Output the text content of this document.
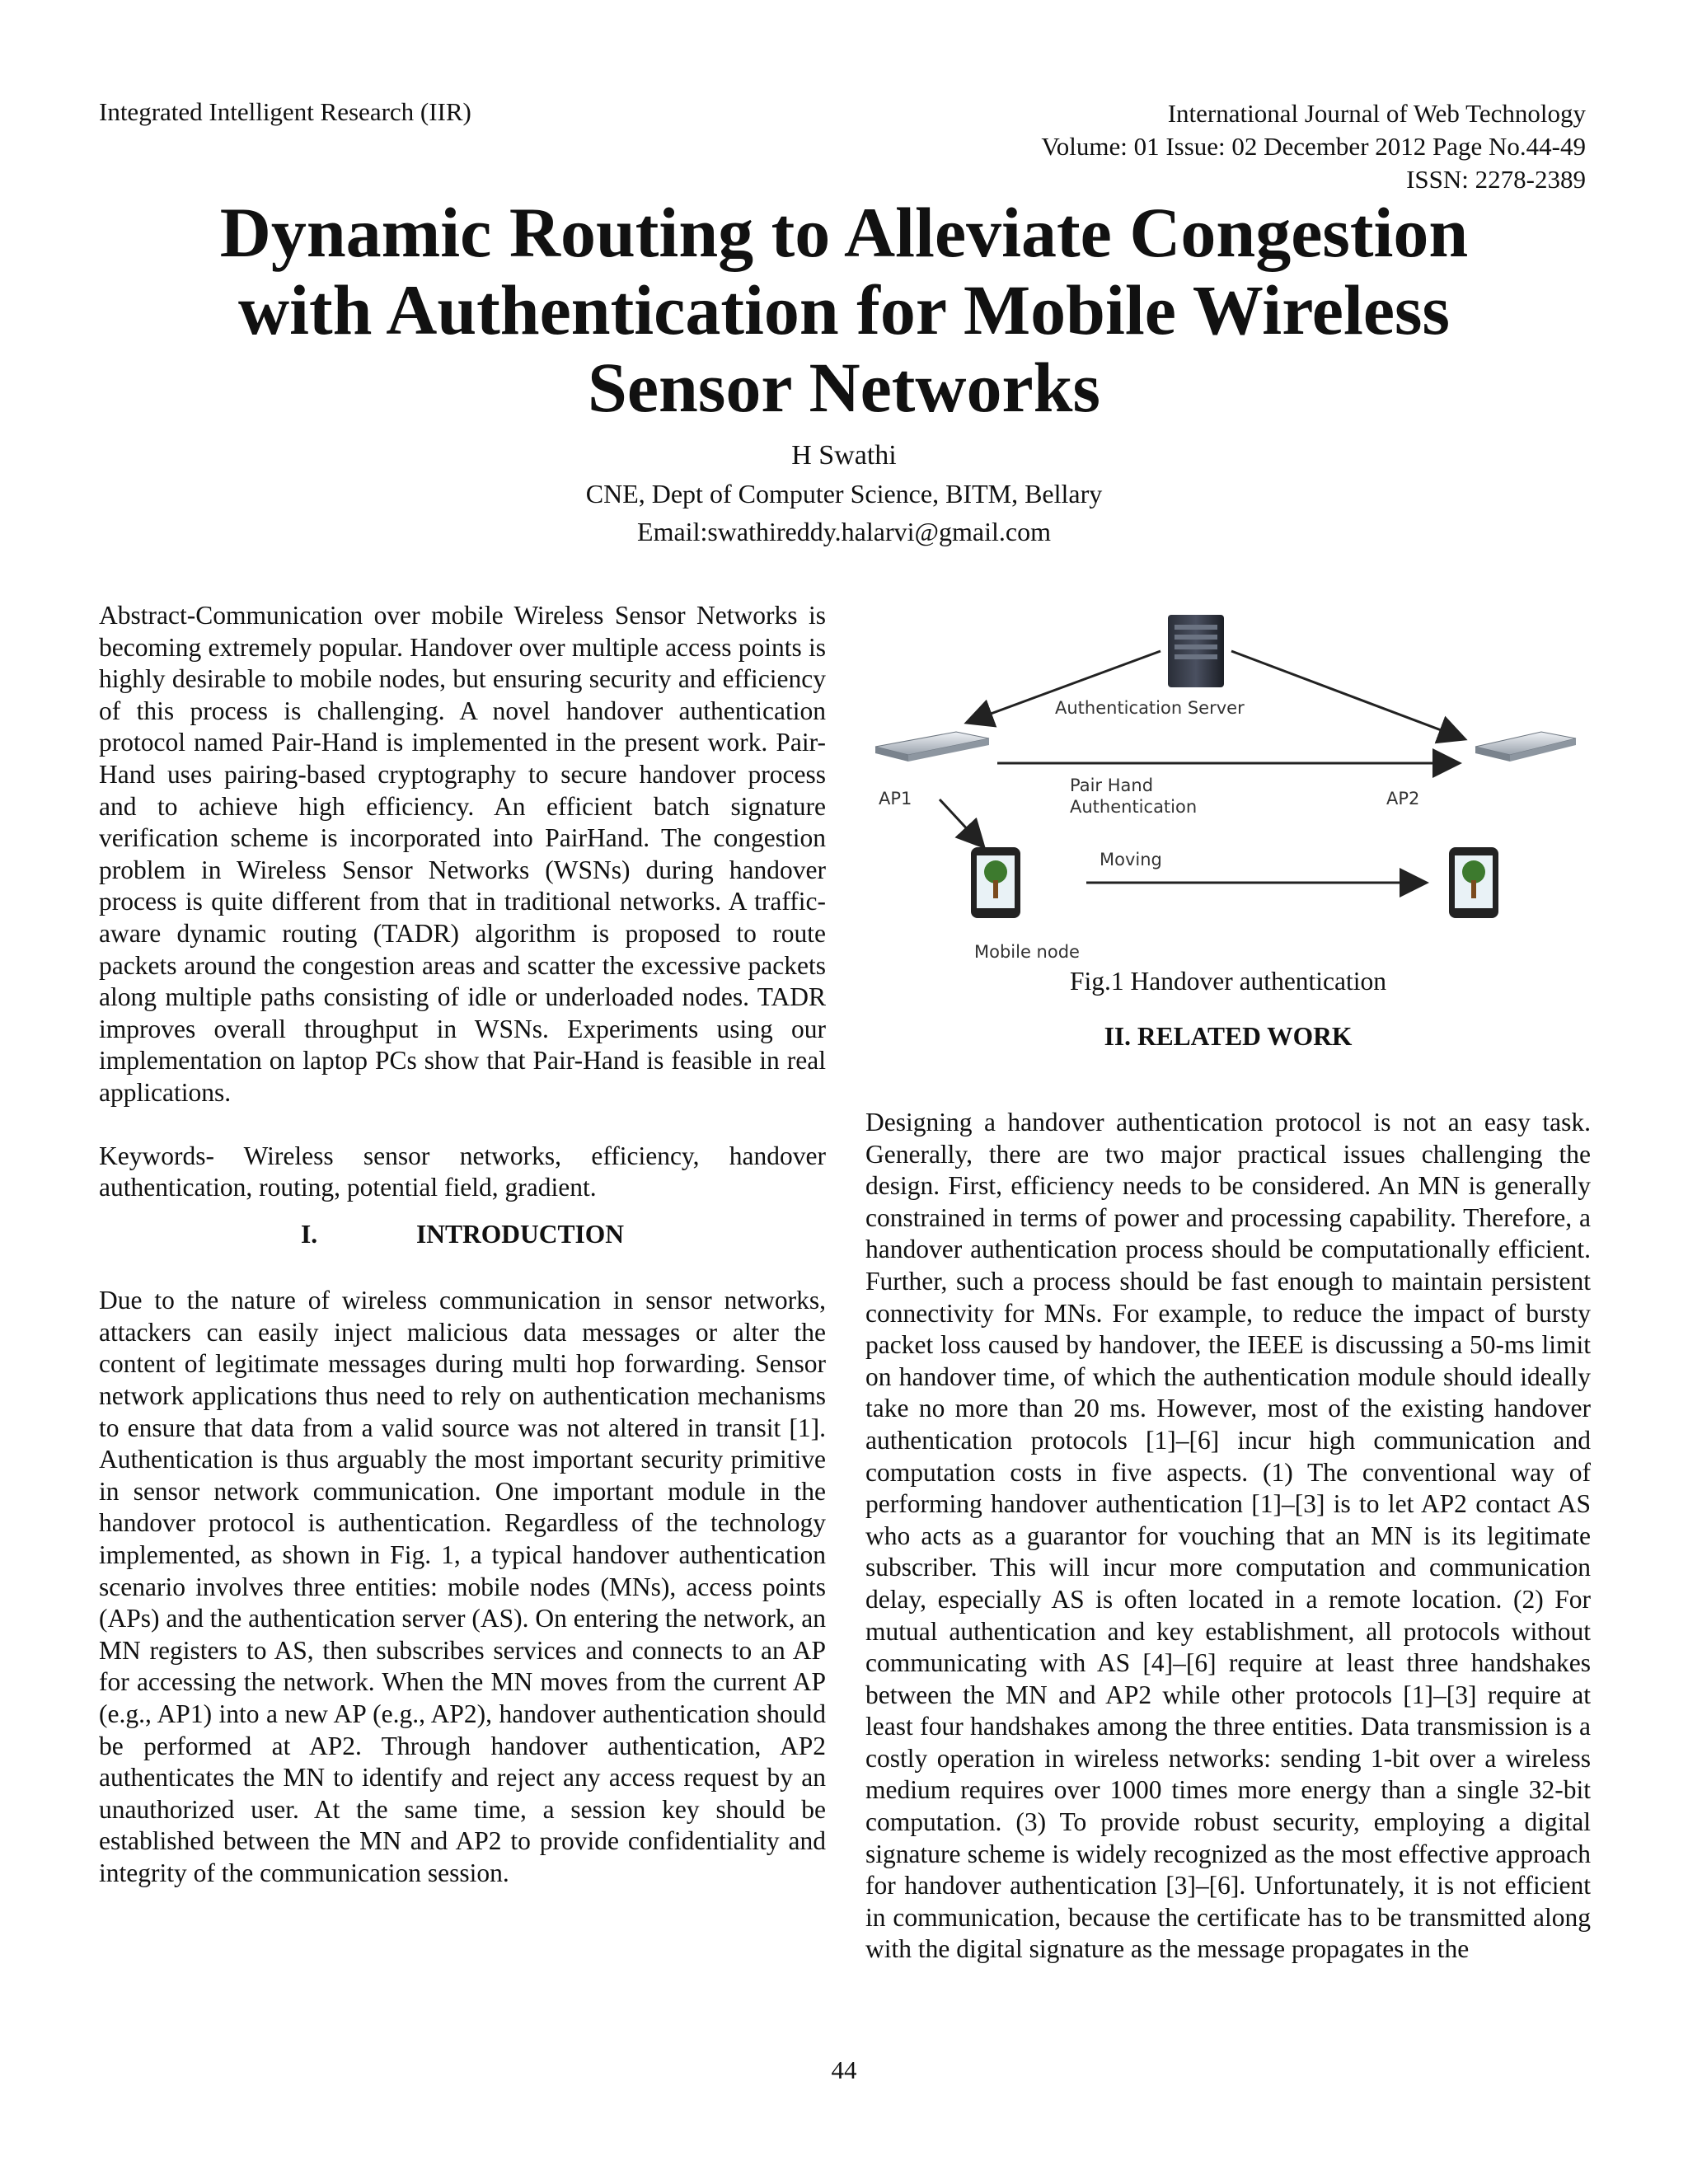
Integrated Intelligent Research (IIR)	International Journal of Web Technology
Volume: 01 Issue: 02 December 2012 Page No.44-49
ISSN: 2278-2389
Dynamic Routing to Alleviate Congestion with Authentication for Mobile Wireless Sensor Networks
H Swathi
CNE, Dept of Computer Science, BITM, Bellary
Email:swathireddy.halarvi@gmail.com

Abstract-Communication over mobile Wireless Sensor Networks is becoming extremely popular. Handover over multiple access points is highly desirable to mobile nodes, but ensuring security and efficiency of this process is challenging. A novel handover authentication protocol named Pair-Hand is implemented in the present work. Pair-Hand uses pairing-based cryptography to secure handover process and to achieve high efficiency. An efficient batch signature verification scheme is incorporated into PairHand. The congestion problem in Wireless Sensor Networks (WSNs) during handover process is quite different from that in traditional networks. A traffic-aware dynamic routing (TADR) algorithm is proposed to route packets around the congestion areas and scatter the excessive packets along multiple paths consisting of idle or underloaded nodes. TADR improves overall throughput in WSNs. Experiments using our implementation on laptop PCs show that Pair-Hand is feasible in real applications.

Keywords- Wireless sensor networks, efficiency, handover authentication, routing, potential field, gradient.

I.	INTRODUCTION

Due to the nature of wireless communication in sensor networks, attackers can easily inject malicious data messages or alter the content of legitimate messages during multi hop forwarding. Sensor network applications thus need to rely on authentication mechanisms to ensure that data from a valid source was not altered in transit [1]. Authentication is thus arguably the most important security primitive in sensor network communication. One important module in the handover protocol is authentication. Regardless of the technology implemented, as shown in Fig. 1, a typical handover authentication scenario involves three entities: mobile nodes (MNs), access points (APs) and the authentication server (AS). On entering the network, an MN registers to AS, then subscribes services and connects to an AP for accessing the network. When the MN moves from the current AP (e.g., AP1) into a new AP (e.g., AP2), handover authentication should be performed at AP2. Through handover authentication, AP2 authenticates the MN to identify and reject any access request by an unauthorized user. At the same time, a session key should be established between the MN and AP2 to provide confidentiality and integrity of the communication session.

Authentication Server
AP1	AP2
Pair Hand
Authentication
Moving
Mobile node
Fig.1 Handover authentication
II. RELATED WORK

Designing a handover authentication protocol is not an easy task. Generally, there are two major practical issues challenging the design. First, efficiency needs to be considered. An MN is generally constrained in terms of power and processing capability. Therefore, a handover authentication process should be computationally efficient. Further, such a process should be fast enough to maintain persistent connectivity for MNs. For example, to reduce the impact of bursty packet loss caused by handover, the IEEE is discussing a 50-ms limit on handover time, of which the authentication module should ideally take no more than 20 ms. However, most of the existing handover authentication protocols [1]–[6] incur high communication and computation costs in five aspects. (1) The conventional way of performing handover authentication [1]–[3] is to let AP2 contact AS who acts as a guarantor for vouching that an MN is its legitimate subscriber. This will incur more computation and communication delay, especially AS is often located in a remote location. (2) For mutual authentication and key establishment, all protocols without communicating with AS [4]–[6] require at least three handshakes between the MN and AP2 while other protocols [1]–[3] require at least four handshakes among the three entities. Data transmission is a costly operation in wireless networks: sending 1-bit over a wireless medium requires over 1000 times more energy than a single 32-bit computation. (3) To provide robust security, employing a digital signature scheme is widely recognized as the most effective approach for handover authentication [3]–[6]. Unfortunately, it is not efficient in communication, because the certificate has to be transmitted along with the digital signature as the message propagates in the

44
